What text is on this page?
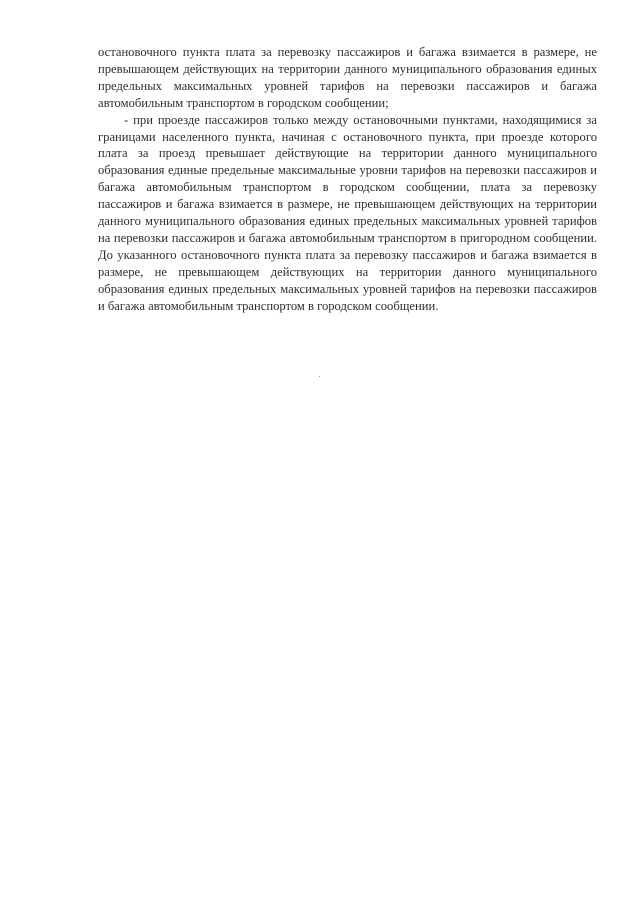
остановочного пункта плата за перевозку пассажиров и багажа взимается в размере, не превышающем действующих на территории данного муниципального образования единых предельных максимальных уровней тарифов на перевозки пассажиров и багажа автомобильным транспортом в городском сообщении;

- при проезде пассажиров только между остановочными пунктами, находящимися за границами населенного пункта, начиная с остановочного пункта, при проезде которого плата за проезд превышает действующие на территории данного муниципального образования единые предельные максимальные уровни тарифов на перевозки пассажиров и багажа автомобильным транспортом в городском сообщении, плата за перевозку пассажиров и багажа взимается в размере, не превышающем действующих на территории данного муниципального образования единых предельных максимальных уровней тарифов на перевозки пассажиров и багажа автомобильным транспортом в пригородном сообщении. До указанного остановочного пункта плата за перевозку пассажиров и багажа взимается в размере, не превышающем действующих на территории данного муниципального образования единых предельных максимальных уровней тарифов на перевозки пассажиров и багажа автомобильным транспортом в городском сообщении.
